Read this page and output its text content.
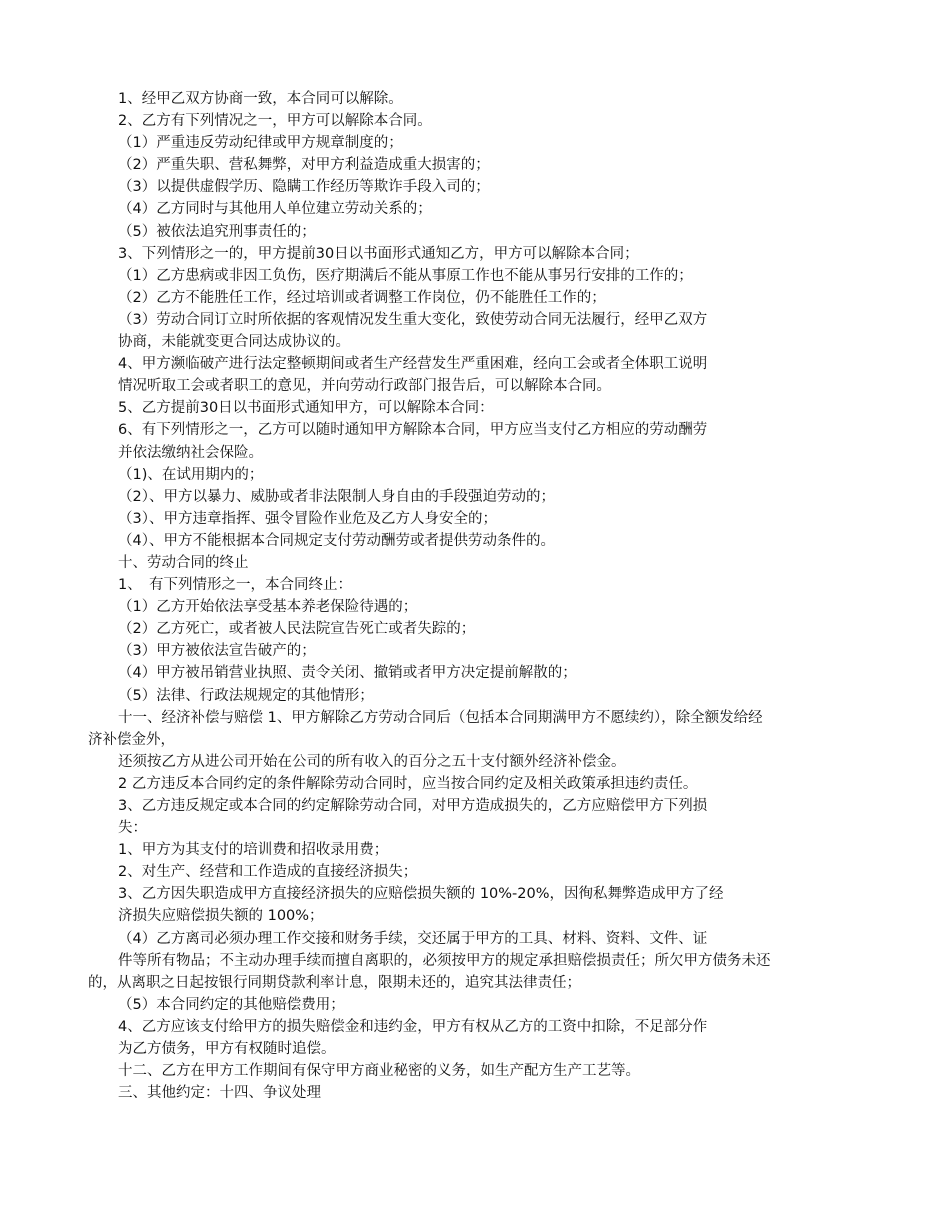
1、经甲乙双方协商一致，本合同可以解除。
2、乙方有下列情况之一，甲方可以解除本合同。
（1）严重违反劳动纪律或甲方规章制度的；
（2）严重失职、营私舞弊，对甲方利益造成重大损害的；
（3）以提供虚假学历、隐瞒工作经历等欺诈手段入司的；
（4）乙方同时与其他用人单位建立劳动关系的；
（5）被依法追究刑事责任的；
3、下列情形之一的，甲方提前30日以书面形式通知乙方，甲方可以解除本合同；
（1）乙方患病或非因工负伤，医疗期满后不能从事原工作也不能从事另行安排的工作的；
（2）乙方不能胜任工作，经过培训或者调整工作岗位，仍不能胜任工作的；
（3）劳动合同订立时所依据的客观情况发生重大变化，致使劳动合同无法履行，经甲乙双方
协商，未能就变更合同达成协议的。
4、甲方濒临破产进行法定整顿期间或者生产经营发生严重困难，经向工会或者全体职工说明
情况听取工会或者职工的意见，并向劳动行政部门报告后，可以解除本合同。
5、乙方提前30日以书面形式通知甲方，可以解除本合同：
6、有下列情形之一，乙方可以随时通知甲方解除本合同，甲方应当支付乙方相应的劳动酬劳
并依法缴纳社会保险。
（1)、在试用期内的；
（2）、甲方以暴力、威胁或者非法限制人身自由的手段强迫劳动的；
（3）、甲方违章指挥、强令冒险作业危及乙方人身安全的；
（4）、甲方不能根据本合同规定支付劳动酬劳或者提供劳动条件的。
十、劳动合同的终止
1、　有下列情形之一，本合同终止：
（1）乙方开始依法享受基本养老保险待遇的；
（2）乙方死亡，或者被人民法院宣告死亡或者失踪的；
（3）甲方被依法宣告破产的；
（4）甲方被吊销营业执照、责令关闭、撤销或者甲方决定提前解散的；
（5）法律、行政法规规定的其他情形；
十一、经济补偿与赔偿 1、甲方解除乙方劳动合同后（包括本合同期满甲方不愿续约），除全额发给经
济补偿金外，
还须按乙方从进公司开始在公司的所有收入的百分之五十支付额外经济补偿金。
2 乙方违反本合同约定的条件解除劳动合同时，应当按合同约定及相关政策承担违约责任。
3、乙方违反规定或本合同的约定解除劳动合同，对甲方造成损失的，乙方应赔偿甲方下列损
失：
1、甲方为其支付的培训费和招收录用费；
2、对生产、经营和工作造成的直接经济损失；
3、乙方因失职造成甲方直接经济损失的应赔偿损失额的 10%-20%，因徇私舞弊造成甲方了经
济损失应赔偿损失额的 100%；
（4）乙方离司必须办理工作交接和财务手续，交还属于甲方的工具、材料、资料、文件、证
件等所有物品；不主动办理手续而擅自离职的，必须按甲方的规定承担赔偿损责任；所欠甲方债务未还
的，从离职之日起按银行同期贷款利率计息，限期未还的，追究其法律责任；
（5）本合同约定的其他赔偿费用；
4、乙方应该支付给甲方的损失赔偿金和违约金，甲方有权从乙方的工资中扣除，不足部分作
为乙方债务，甲方有权随时追偿。
十二、乙方在甲方工作期间有保守甲方商业秘密的义务，如生产配方生产工艺等。
三、其他约定：十四、争议处理
